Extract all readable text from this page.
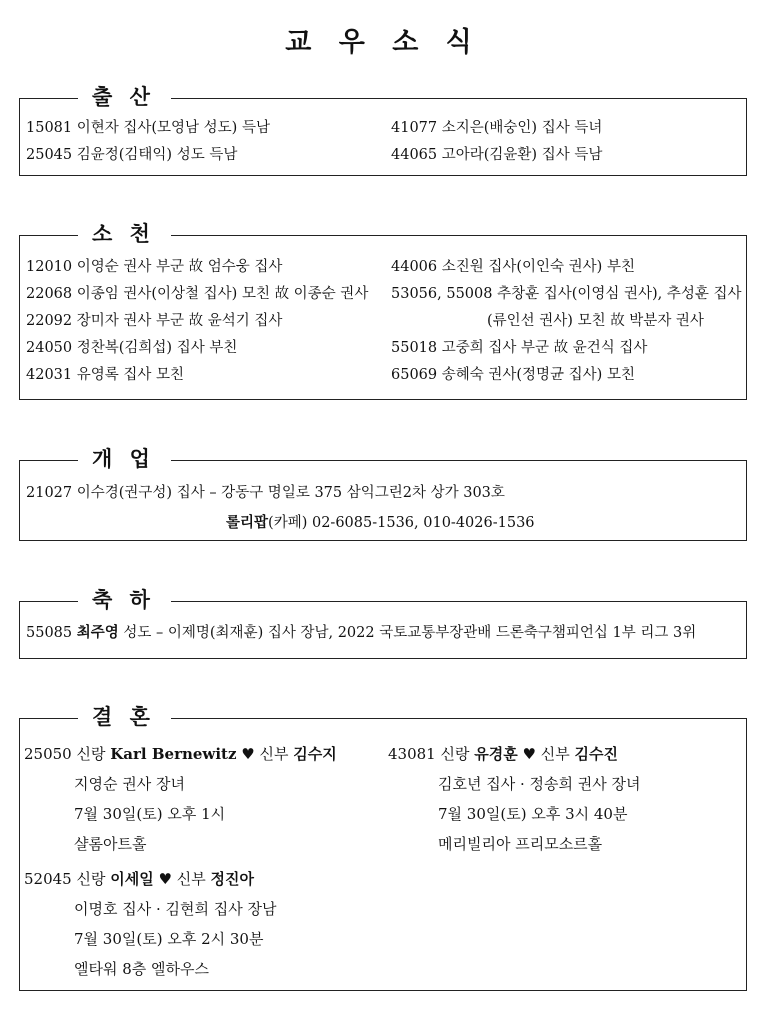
교 우 소 식
출 산
15081 이현자 집사(모영남 성도) 득남
25045 김윤정(김태익) 성도 득남
41077 소지은(배숭인) 집사 득녀
44065 고아라(김윤환) 집사 득남
소 천
12010 이영순 권사 부군 故 엄수웅 집사
22068 이종임 권사(이상철 집사) 모친 故 이종순 권사
22092 장미자 권사 부군 故 윤석기 집사
24050 정찬복(김희섭) 집사 부친
42031 유영록 집사 모친
44006 소진원 집사(이인숙 권사) 부친
53056, 55008 추창훈 집사(이영심 권사), 추성훈 집사
(류인선 권사) 모친 故 박분자 권사
55018 고중희 집사 부군 故 윤건식 집사
65069 송혜숙 권사(정명균 집사) 모친
개 업
21027 이수경(권구성) 집사 – 강동구 명일로 375 삼익그린2차 상가 303호
롤리팝(카페) 02-6085-1536, 010-4026-1536
축 하
55085 최주영 성도 – 이제명(최재훈) 집사 장남, 2022 국토교통부장관배 드론축구챔피언십 1부 리그 3위
결 혼
25050 신랑 Karl Bernewitz ♥ 신부 김수지
지영순 권사 장녀
7월 30일(토) 오후 1시
샬롬아트홀
43081 신랑 유경훈 ♥ 신부 김수진
김호년 집사 · 정송희 권사 장녀
7월 30일(토) 오후 3시 40분
메리빌리아 프리모소르홀
52045 신랑 이세일 ♥ 신부 정진아
이명호 집사 · 김현희 집사 장남
7월 30일(토) 오후 2시 30분
엘타워 8층 엘하우스
